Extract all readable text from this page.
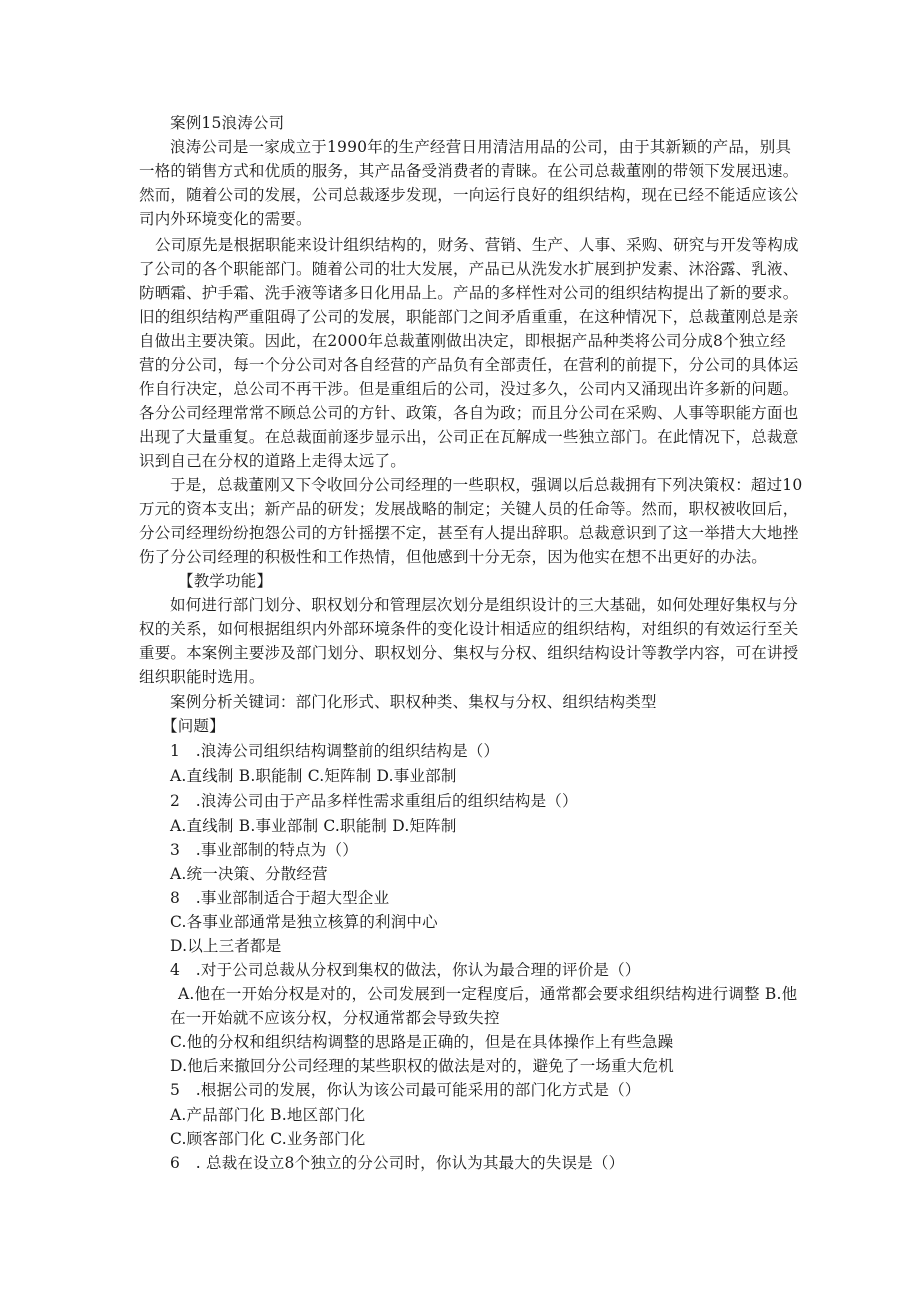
案例15浪涛公司
浪涛公司是一家成立于1990年的生产经营日用清洁用品的公司，由于其新颖的产品，别具
一格的销售方式和优质的服务，其产品备受消费者的青睐。在公司总裁董刚的带领下发展迅速。
然而，随着公司的发展，公司总裁逐步发现，一向运行良好的组织结构，现在已经不能适应该公
司内外环境变化的需要。
公司原先是根据职能来设计组织结构的，财务、营销、生产、人事、采购、研究与开发等构成
了公司的各个职能部门。随着公司的壮大发展，产品已从洗发水扩展到护发素、沐浴露、乳液、
防晒霜、护手霜、洗手液等诸多日化用品上。产品的多样性对公司的组织结构提出了新的要求。
旧的组织结构严重阻碍了公司的发展，职能部门之间矛盾重重，在这种情况下，总裁董刚总是亲
自做出主要决策。因此，在2000年总裁董刚做出决定，即根据产品种类将公司分成8个独立经
营的分公司，每一个分公司对各自经营的产品负有全部责任，在营利的前提下，分公司的具体运
作自行决定，总公司不再干涉。但是重组后的公司，没过多久，公司内又涌现出许多新的问题。
各分公司经理常常不顾总公司的方针、政策，各自为政；而且分公司在采购、人事等职能方面也
出现了大量重复。在总裁面前逐步显示出，公司正在瓦解成一些独立部门。在此情况下，总裁意
识到自己在分权的道路上走得太远了。
于是，总裁董刚又下令收回分公司经理的一些职权，强调以后总裁拥有下列决策权：超过10
万元的资本支出；新产品的研发；发展战略的制定；关键人员的任命等。然而，职权被收回后，
分公司经理纷纷抱怨公司的方针摇摆不定，甚至有人提出辞职。总裁意识到了这一举措大大地挫
伤了分公司经理的积极性和工作热情，但他感到十分无奈，因为他实在想不出更好的办法。
【教学功能】
如何进行部门划分、职权划分和管理层次划分是组织设计的三大基础，如何处理好集权与分
权的关系，如何根据组织内外部环境条件的变化设计相适应的组织结构，对组织的有效运行至关
重要。本案例主要涉及部门划分、职权划分、集权与分权、组织结构设计等教学内容，可在讲授
组织职能时选用。
案例分析关键词：部门化形式、职权种类、集权与分权、组织结构类型
【问题】
1　.浪涛公司组织结构调整前的组织结构是（）
A.直线制 B.职能制 C.矩阵制 D.事业部制
2　.浪涛公司由于产品多样性需求重组后的组织结构是（）
A.直线制 B.事业部制 C.职能制 D.矩阵制
3　.事业部制的特点为（）
A.统一决策、分散经营
8　.事业部制适合于超大型企业
C.各事业部通常是独立核算的利润中心
D.以上三者都是
4　.对于公司总裁从分权到集权的做法，你认为最合理的评价是（）
A.他在一开始分权是对的，公司发展到一定程度后，通常都会要求组织结构进行调整 B.他
在一开始就不应该分权，分权通常都会导致失控
C.他的分权和组织结构调整的思路是正确的，但是在具体操作上有些急躁
D.他后来撤回分公司经理的某些职权的做法是对的，避免了一场重大危机
5　.根据公司的发展，你认为该公司最可能采用的部门化方式是（）
A.产品部门化 B.地区部门化
C.顾客部门化 C.业务部门化
6　. 总裁在设立8个独立的分公司时，你认为其最大的失误是（）
